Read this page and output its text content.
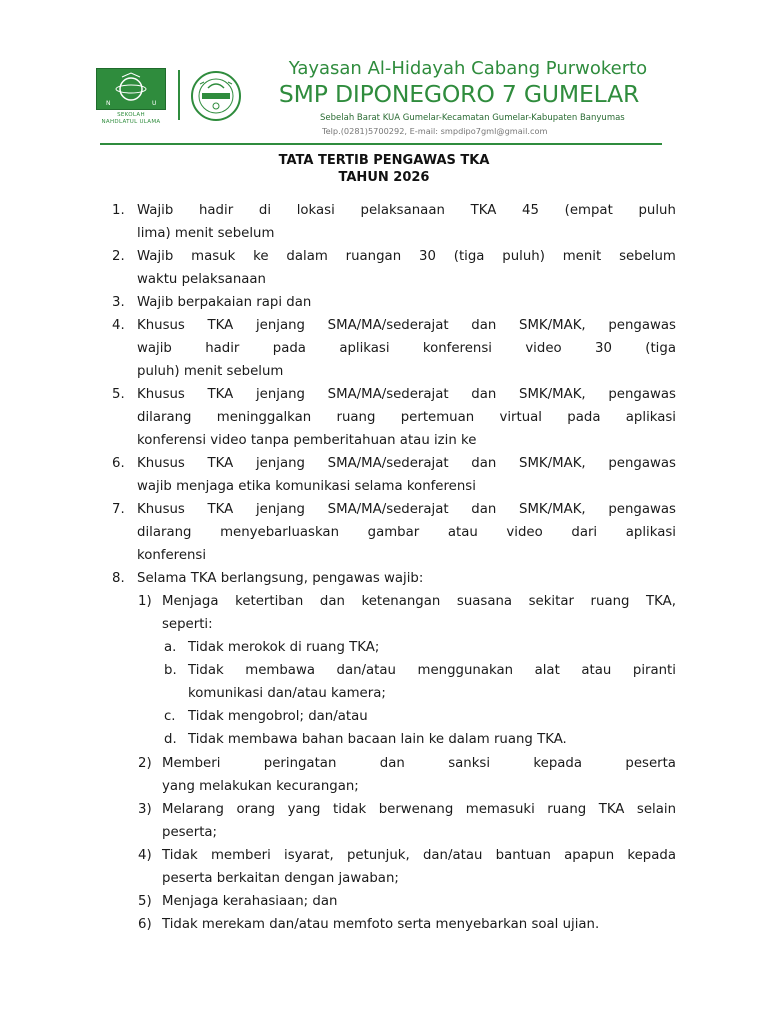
N	U
SEKOLAH
NAHDLATUL ULAMA
Yayasan Al-Hidayah Cabang Purwokerto
SMP DIPONEGORO 7 GUMELAR
Sebelah Barat KUA Gumelar-Kecamatan Gumelar-Kabupaten Banyumas
Telp.(0281)5700292, E-mail: smpdipo7gml@gmail.com
TATA TERTIB PENGAWAS TKA
TAHUN 2026
1. Wajib hadir di lokasi pelaksanaan TKA 45 (empat puluh
lima) menit sebelum
2. Wajib masuk ke dalam ruangan 30 (tiga puluh) menit sebelum
waktu pelaksanaan
3. Wajib berpakaian rapi dan
4. Khusus TKA jenjang SMA/MA/sederajat dan SMK/MAK, pengawas
wajib	hadir	pada	aplikasi	konferensi	video	30	(tiga
puluh) menit sebelum
5. Khusus TKA jenjang SMA/MA/sederajat dan SMK/MAK, pengawas
dilarang meninggalkan ruang pertemuan virtual pada aplikasi
konferensi video tanpa pemberitahuan atau izin ke
6. Khusus TKA jenjang SMA/MA/sederajat dan SMK/MAK, pengawas
wajib menjaga etika komunikasi selama konferensi
7. Khusus TKA jenjang SMA/MA/sederajat dan SMK/MAK, pengawas
dilarang menyebarluaskan gambar atau video dari aplikasi
konferensi
8. Selama TKA berlangsung, pengawas wajib:
1) Menjaga ketertiban dan ketenangan suasana sekitar ruang TKA,
seperti:
a. Tidak merokok di ruang TKA;
b. Tidak membawa dan/atau menggunakan alat atau piranti
komunikasi dan/atau kamera;
c. Tidak mengobrol; dan/atau
d. Tidak membawa bahan bacaan lain ke dalam ruang TKA.
2) Memberi	peringatan	dan	sanksi	kepada	peserta
yang melakukan kecurangan;
3) Melarang orang yang tidak berwenang memasuki ruang TKA selain
peserta;
4) Tidak memberi isyarat, petunjuk, dan/atau bantuan apapun kepada
peserta berkaitan dengan jawaban;
5) Menjaga kerahasiaan; dan
6) Tidak merekam dan/atau memfoto serta menyebarkan soal ujian.
